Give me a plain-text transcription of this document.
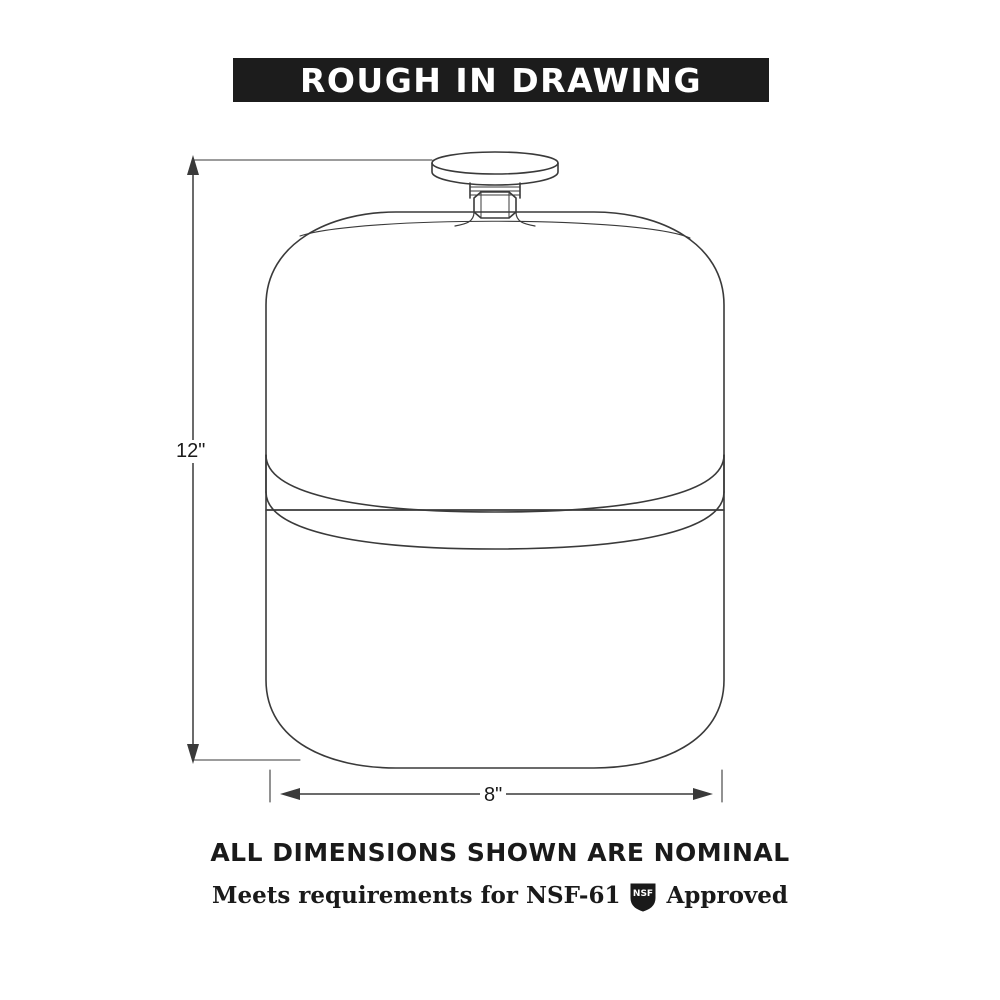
ROUGH IN DRAWING
12"
8"
ALL DIMENSIONS SHOWN ARE NOMINAL
Meets requirements for NSF-61 NSF Approved
